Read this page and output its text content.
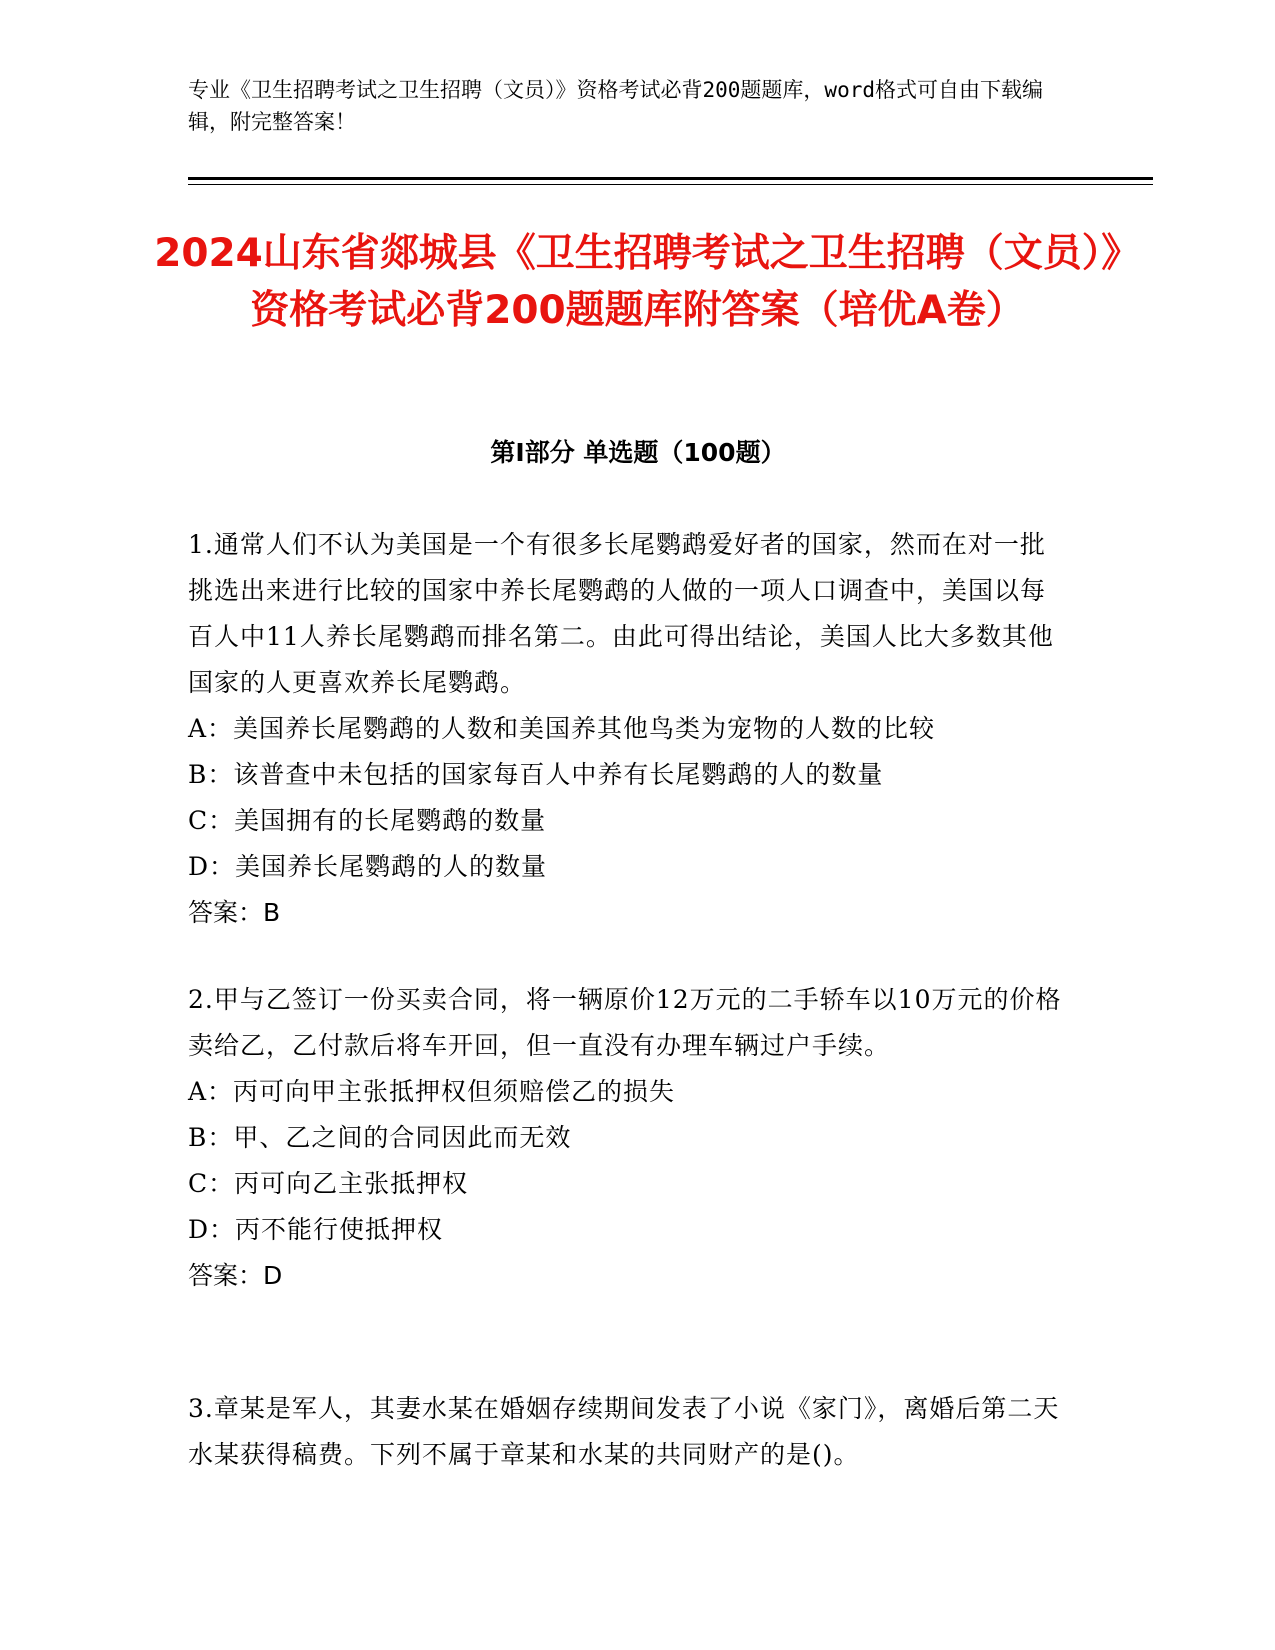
专业《卫生招聘考试之卫生招聘（文员）》资格考试必背200题题库，word格式可自由下载编辑，附完整答案！
2024山东省郯城县《卫生招聘考试之卫生招聘（文员）》资格考试必背200题题库附答案（培优A卷）
第I部分 单选题（100题）
1.通常人们不认为美国是一个有很多长尾鹦鹉爱好者的国家，然而在对一批挑选出来进行比较的国家中养长尾鹦鹉的人做的一项人口调查中，美国以每百人中11人养长尾鹦鹉而排名第二。由此可得出结论，美国人比大多数其他国家的人更喜欢养长尾鹦鹉。
A：美国养长尾鹦鹉的人数和美国养其他鸟类为宠物的人数的比较
B：该普查中未包括的国家每百人中养有长尾鹦鹉的人的数量
C：美国拥有的长尾鹦鹉的数量
D：美国养长尾鹦鹉的人的数量
答案：B
2.甲与乙签订一份买卖合同，将一辆原价12万元的二手轿车以10万元的价格卖给乙，乙付款后将车开回，但一直没有办理车辆过户手续。
A：丙可向甲主张抵押权但须赔偿乙的损失
B：甲、乙之间的合同因此而无效
C：丙可向乙主张抵押权
D：丙不能行使抵押权
答案：D
3.章某是军人，其妻水某在婚姻存续期间发表了小说《家门》，离婚后第二天水某获得稿费。下列不属于章某和水某的共同财产的是()。
